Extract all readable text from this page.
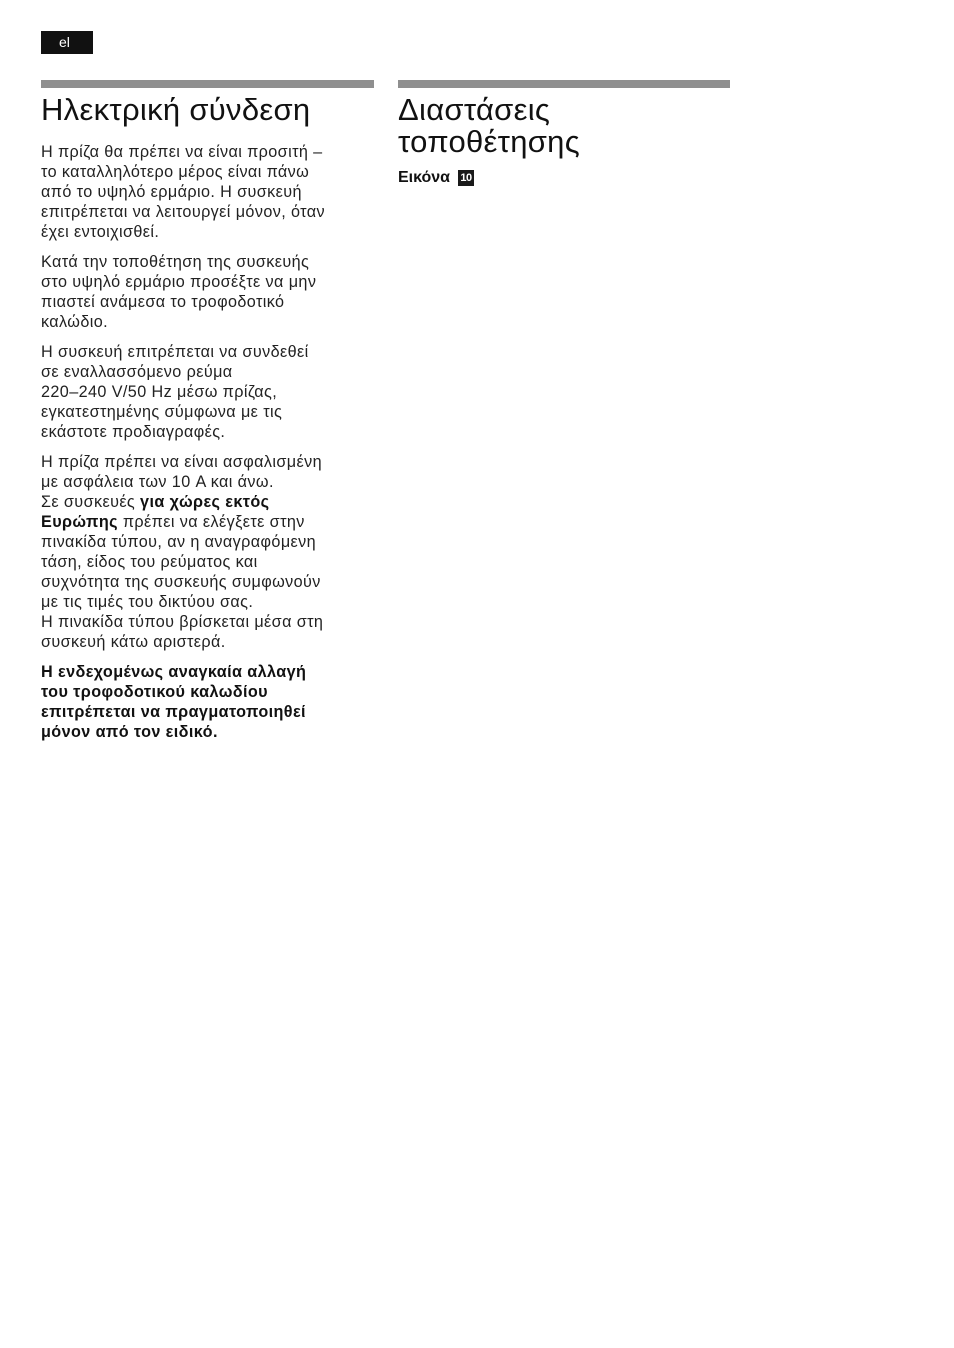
el
Ηλεκτρική σύνδεση

Η πρίζα θα πρέπει να είναι προσιτή –
το καταλληλότερο μέρος είναι πάνω
από το υψηλό ερμάριο. Η συσκευή
επιτρέπεται να λειτουργεί μόνον, όταν
έχει εντοιχισθεί.

Κατά την τοποθέτηση της συσκευής
στο υψηλό ερμάριο προσέξτε να μην
πιαστεί ανάμεσα το τροφοδοτικό
καλώδιο.

Η συσκευή επιτρέπεται να συνδεθεί
σε εναλλασσόμενο ρεύμα
220–240 V/50 Hz μέσω πρίζας,
εγκατεστημένης σύμφωνα με τις
εκάστοτε προδιαγραφές.

Η πρίζα πρέπει να είναι ασφαλισμένη
με ασφάλεια των 10 A και άνω.
Σε συσκευές για χώρες εκτός
Ευρώπης πρέπει να ελέγξετε στην
πινακίδα τύπου, αν η αναγραφόμενη
τάση, είδος του ρεύματος και
συχνότητα της συσκευής συμφωνούν
με τις τιμές του δικτύου σας.
Η πινακίδα τύπου βρίσκεται μέσα στη
συσκευή κάτω αριστερά.

Η ενδεχομένως αναγκαία αλλαγή
του τροφοδοτικού καλωδίου
επιτρέπεται να πραγματοποιηθεί
μόνον από τον ειδικό.

Διαστάσεις
τοποθέτησης
Εικόνα 10
